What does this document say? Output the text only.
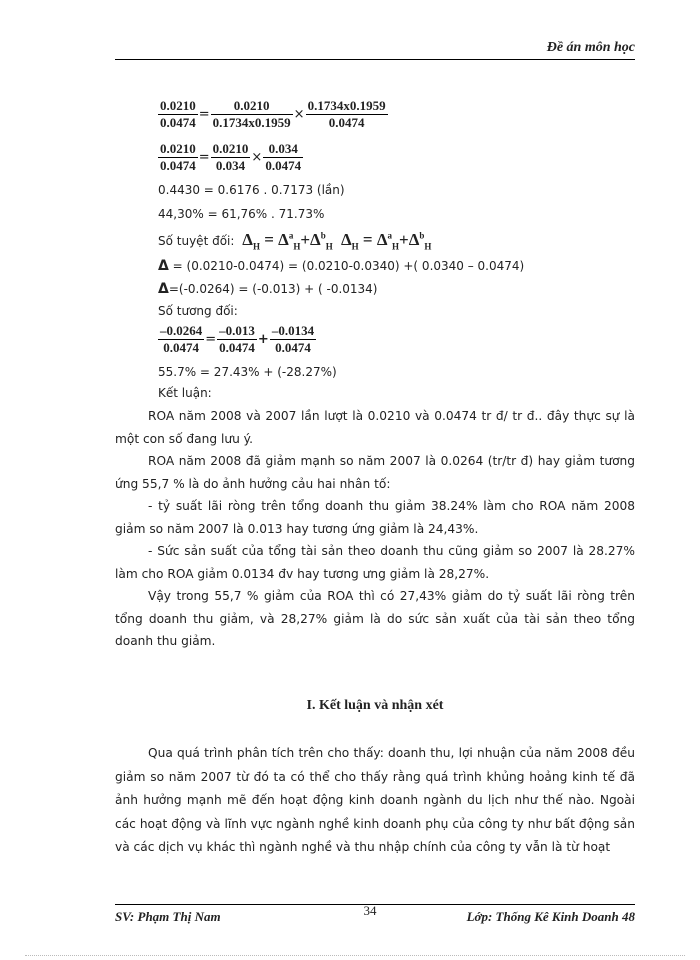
Đề án môn học
$\frac{0.0210}{0.0474} = \frac{0.0210}{0.1734x0.1959} \times \frac{0.1734x0.1959}{0.0474}$
$\frac{0.0210}{0.0474} = \frac{0.0210}{0.034} \times \frac{0.034}{0.0474}$
0.4430 = 0.6176 . 0.7173 (lần)
44,30% = 61,76% . 71.73%
Số tuyệt đối: $\Delta_H = \Delta^a_H+\Delta^b_H$ $\Delta_H = \Delta^a_H+\Delta^b_H$
Δ = (0.0210-0.0474) = (0.0210-0.0340) +( 0.0340 – 0.0474)
Δ=(-0.0264) = (-0.013) + ( -0.0134)
Số tương đối:
$\frac{-0.0264}{0.0474} = \frac{-0.013}{0.0474} + \frac{-0.0134}{0.0474}$
55.7% = 27.43% + (-28.27%)
Kết luận:
ROA năm 2008 và 2007 lần lượt là 0.0210 và 0.0474 tr đ/ tr đ.. đây thực sự là một con số đang lưu ý.
ROA năm 2008 đã giảm mạnh so năm 2007 là 0.0264 (tr/tr đ) hay giảm tương ứng 55,7 % là do ảnh hưởng cảu hai nhân tố:
- tỷ suất lãi ròng trên tổng doanh thu giảm 38.24% làm cho ROA năm 2008 giảm so năm 2007 là 0.013 hay tương ứng giảm là 24,43%.
- Sức sản suất của tổng tài sản theo doanh thu cũng giảm so 2007 là 28.27% làm cho ROA giảm 0.0134 đv hay tương ưng giảm là 28,27%.
Vậy trong 55,7 % giảm của ROA thì có 27,43% giảm do tỷ suất lãi ròng trên tổng doanh thu giảm, và 28,27% giảm là do sức sản xuất của tài sản theo tổng doanh thu giảm.
I. Kết luận và nhận xét
Qua quá trình phân tích trên cho thấy: doanh thu, lợi nhuận của năm 2008 đều giảm so năm 2007 từ đó ta có thể cho thấy rằng quá trình khủng hoảng kinh tế đã ảnh hưởng mạnh mẽ đến hoạt động kinh doanh ngành du lịch như thế nào. Ngoài các hoạt động và lĩnh vực ngành nghề kinh doanh phụ của công ty như bất động sản và các dịch vụ khác thì ngành nghề và thu nhập chính của công ty vẫn là từ hoạt
SV: Phạm Thị Nam	34	Lớp: Thống Kê Kinh Doanh 48
